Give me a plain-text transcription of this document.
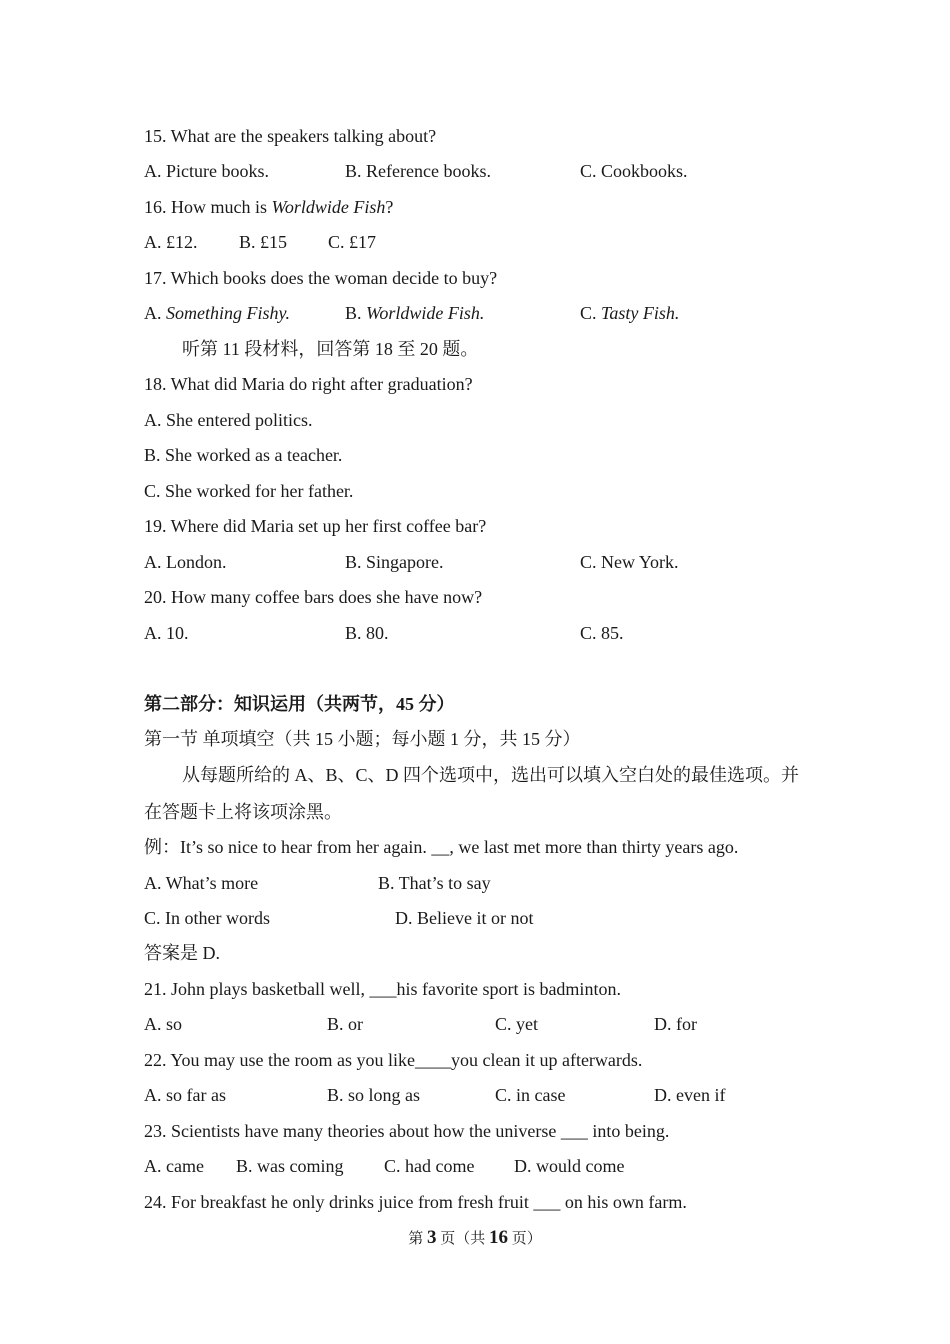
15. What are the speakers talking about?
A. Picture books.	B. Reference books.	C. Cookbooks.
16. How much is Worldwide Fish?
A. £12. B. £15 C. £17
17. Which books does the woman decide to buy?
A. Something Fishy.	B. Worldwide Fish.	C. Tasty Fish.
听第 11 段材料，回答第 18 至 20 题。
18. What did Maria do right after graduation?
A. She entered politics.
B. She worked as a teacher.
C. She worked for her father.
19. Where did Maria set up her first coffee bar?
A. London.	B. Singapore.	C. New York.
20. How many coffee bars does she have now?
A. 10.	B. 80.	C. 85.
第二部分：知识运用（共两节，45 分）
第一节 单项填空（共 15 小题；每小题 1 分，共 15 分）
从每题所给的 A、B、C、D 四个选项中，选出可以填入空白处的最佳选项。并
在答题卡上将该项涂黑。
例：It’s so nice to hear from her again. __, we last met more than thirty years ago.
A. What’s more	B. That’s to say
C. In other words	D. Believe it or not
答案是 D.
21. John plays basketball well, ___his favorite sport is badminton.
A. so	B. or	C. yet	D. for
22. You may use the room as you like____you clean it up afterwards.
A. so far as	B. so long as	C. in case	D. even if
23. Scientists have many theories about how the universe ___ into being.
A. came B. was coming C. had come D. would come
24. For breakfast he only drinks juice from fresh fruit ___ on his own farm.
第 3 页（共 16 页）
